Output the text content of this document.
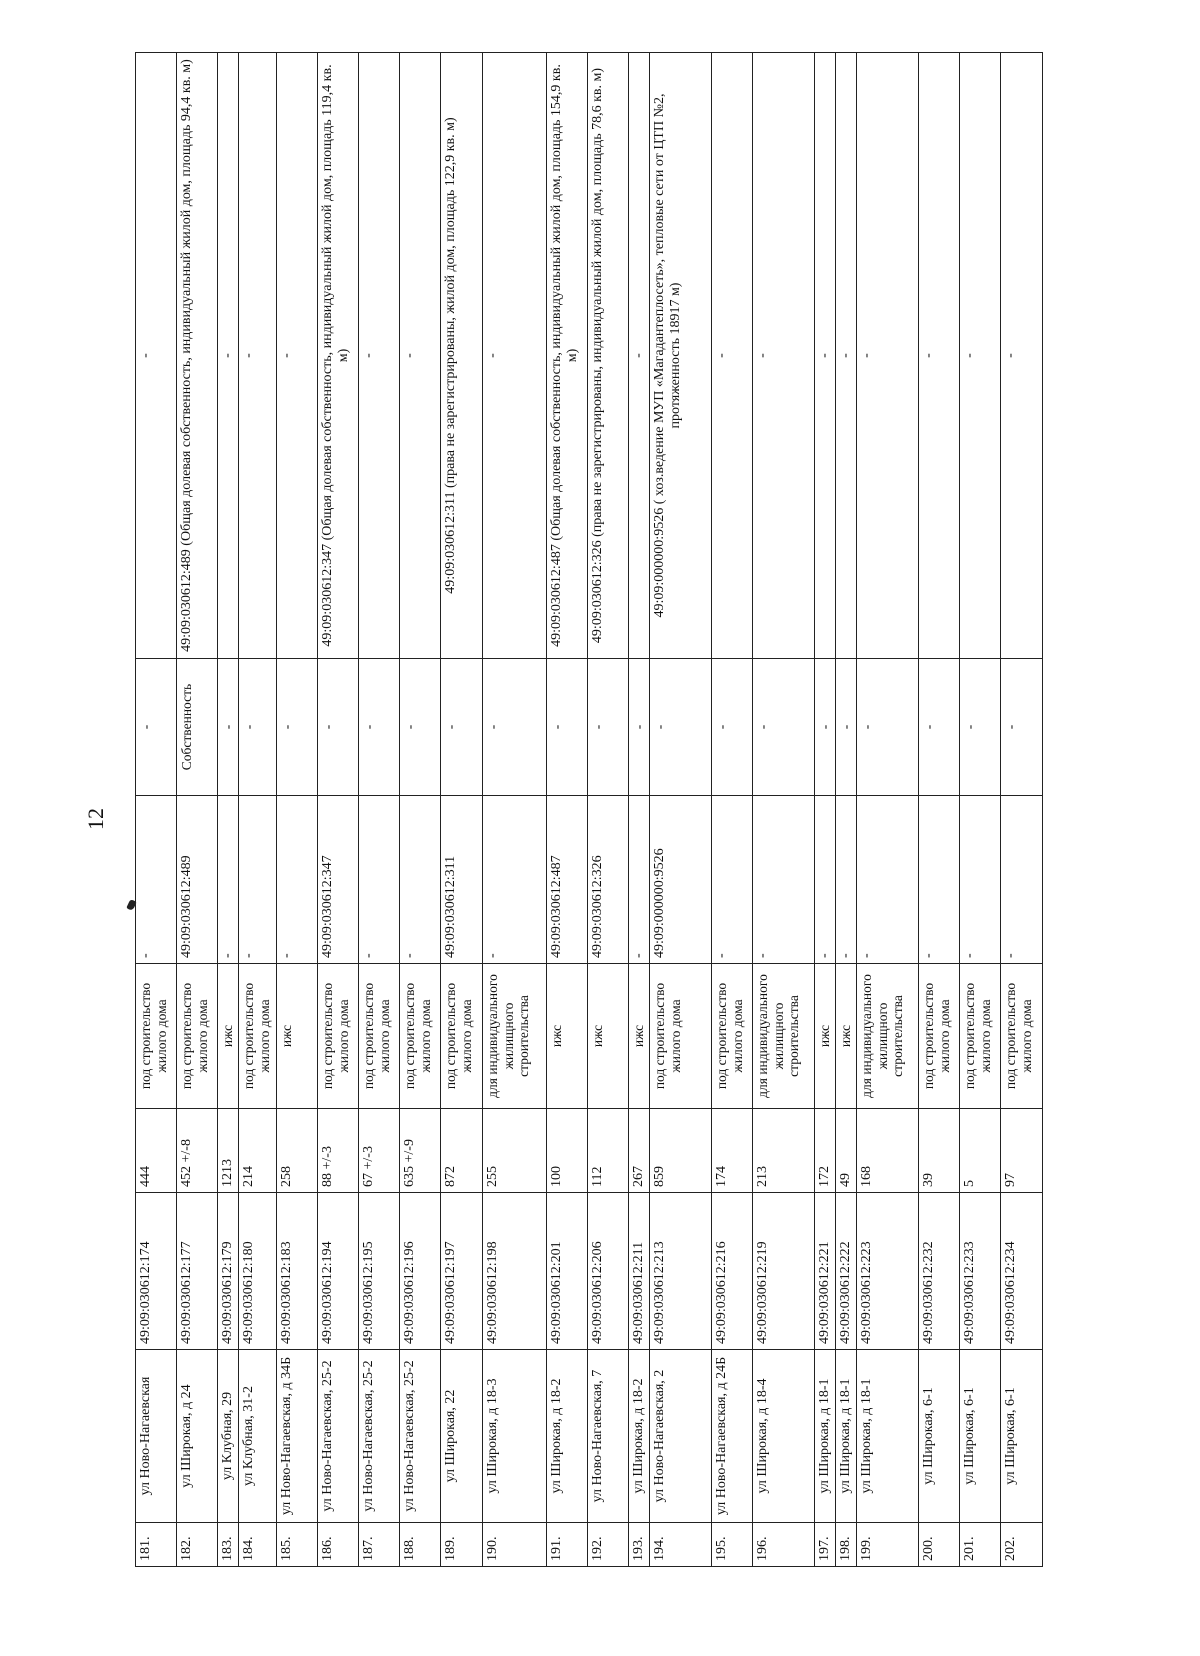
12
181.	ул Ново-Нагаевская	49:09:030612:174	444	под строительство жилого дома	-	-	-
182.	ул Широкая, д 24	49:09:030612:177	452 +/-8	под строительство жилого дома	49:09:030612:489	Собственность	49:09:030612:489 (Общая долевая собственность, индивидуальный жилой дом, площадь 94,4 кв. м)
183.	ул Клубная, 29	49:09:030612:179	1213	ижс	-	-	-
184.	ул Клубная, 31-2	49:09:030612:180	214	под строительство жилого дома	-	-	-
185.	ул Ново-Нагаевская, д 34Б	49:09:030612:183	258	ижс	-	-	-
186.	ул Ново-Нагаевская, 25-2	49:09:030612:194	88 +/-3	под строительство жилого дома	49:09:030612:347	-	49:09:030612:347 (Общая долевая собственность, индивидуальный жилой дом, площадь 119,4 кв. м)
187.	ул Ново-Нагаевская, 25-2	49:09:030612:195	67 +/-3	под строительство жилого дома	-	-	-
188.	ул Ново-Нагаевская, 25-2	49:09:030612:196	635 +/-9	под строительство жилого дома	-	-	-
189.	ул Широкая, 22	49:09:030612:197	872	под строительство жилого дома	49:09:030612:311	-	49:09:030612:311 (права не зарегистрированы, жилой дом, площадь 122,9 кв. м)
190.	ул Широкая, д 18-3	49:09:030612:198	255	для индивидуального жилищного строительства	-	-	-
191.	ул Широкая, д 18-2	49:09:030612:201	100	ижс	49:09:030612:487	-	49:09:030612:487 (Общая долевая собственность, индивидуальный жилой дом, площадь 154,9 кв. м)
192.	ул Ново-Нагаевская, 7	49:09:030612:206	112	ижс	49:09:030612:326	-	49:09:030612:326 (права не зарегистрированы, индивидуальный жилой дом, площадь 78,6 кв. м)
193.	ул Широкая, д 18-2	49:09:030612:211	267	ижс	-	-	-
194.	ул Ново-Нагаевская, 2	49:09:030612:213	859	под строительство жилого дома	49:09:000000:9526	-	49:09:000000:9526 ( хоз.ведение МУП «Магадантеплосеть», тепловые сети от ЦТП №2, протяженность 18917 м)
195.	ул Ново-Нагаевская, д 24Б	49:09:030612:216	174	под строительство жилого дома	-	-	-
196.	ул Широкая, д 18-4	49:09:030612:219	213	для индивидуального жилищного строительства	-	-	-
197.	ул Широкая, д 18-1	49:09:030612:221	172	ижс	-	-	-
198.	ул Широкая, д 18-1	49:09:030612:222	49	ижс	-	-	-
199.	ул Широкая, д 18-1	49:09:030612:223	168	для индивидуального жилищного строительства	-	-	-
200.	ул Широкая, 6-1	49:09:030612:232	39	под строительство жилого дома	-	-	-
201.	ул Широкая, 6-1	49:09:030612:233	5	под строительство жилого дома	-	-	-
202.	ул Широкая, 6-1	49:09:030612:234	97	под строительство жилого дома	-	-	-
